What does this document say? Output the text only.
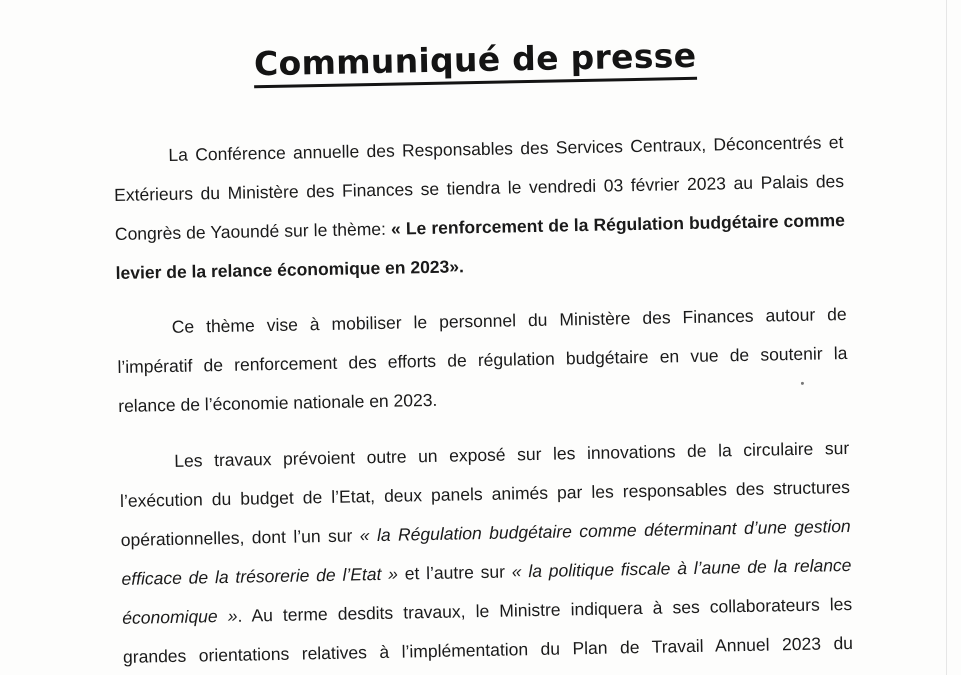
Communiqué de presse
La Conférence annuelle des Responsables des Services Centraux, Déconcentrés et
Extérieurs du Ministère des Finances se tiendra le vendredi 03 février 2023 au Palais des
Congrès de Yaoundé sur le thème: « Le renforcement de la Régulation budgétaire comme
levier de la relance économique en 2023».
Ce thème vise à mobiliser le personnel du Ministère des Finances autour de
l’impératif de renforcement des efforts de régulation budgétaire en vue de soutenir la
relance de l’économie nationale en 2023.
Les travaux prévoient outre un exposé sur les innovations de la circulaire sur
l’exécution du budget de l’Etat, deux panels animés par les responsables des structures
opérationnelles, dont l’un sur « la Régulation budgétaire comme déterminant d’une gestion
efficace de la trésorerie de l’Etat » et l’autre sur « la politique fiscale à l’aune de la relance
économique ». Au terme desdits travaux, le Ministre indiquera à ses collaborateurs les
grandes orientations relatives à l’implémentation du Plan de Travail Annuel 2023 du
